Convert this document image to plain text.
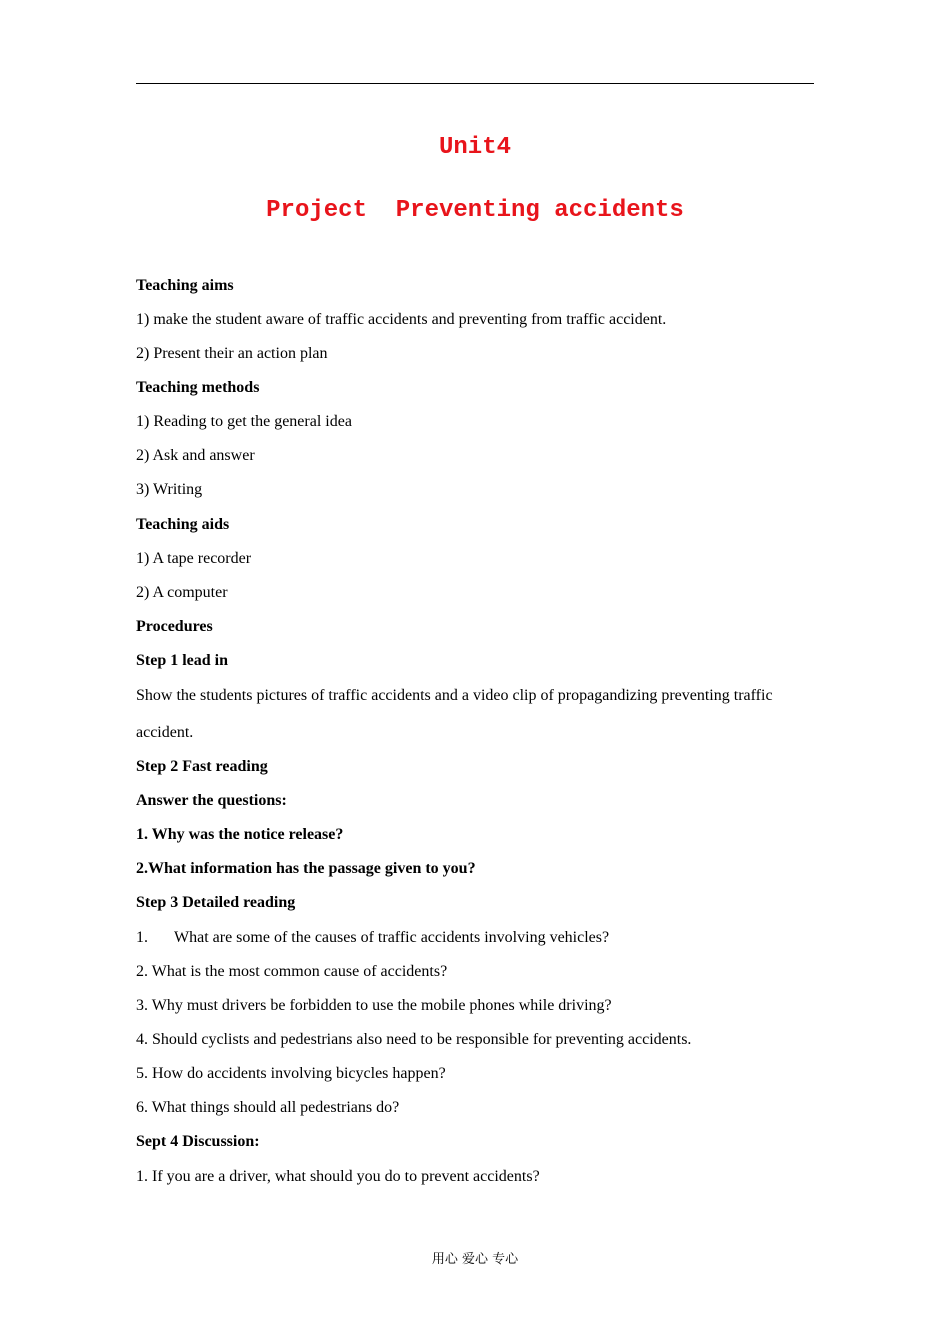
Unit4
Project  Preventing accidents
Teaching aims
1) make the student aware of traffic accidents and preventing from traffic accident.
2) Present their an action plan
Teaching methods
1) Reading to get the general idea
2) Ask and answer
3) Writing
Teaching aids
1) A tape recorder
2) A computer
Procedures
Step 1 lead in
Show the students pictures of traffic accidents and a video clip of propagandizing preventing traffic
accident.
Step 2 Fast reading
Answer the questions:
1. Why was the notice release?
2.What information has the passage given to you?
Step 3 Detailed reading
1. What are some of the causes of traffic accidents involving vehicles?
2. What is the most common cause of accidents?
3. Why must drivers be forbidden to use the mobile phones while driving?
4. Should cyclists and pedestrians also need to be responsible for preventing accidents.
5. How do accidents involving bicycles happen?
6. What things should all pedestrians do?
Sept 4 Discussion:
1. If you are a driver, what should you do to prevent accidents?
用心 爱心 专心
